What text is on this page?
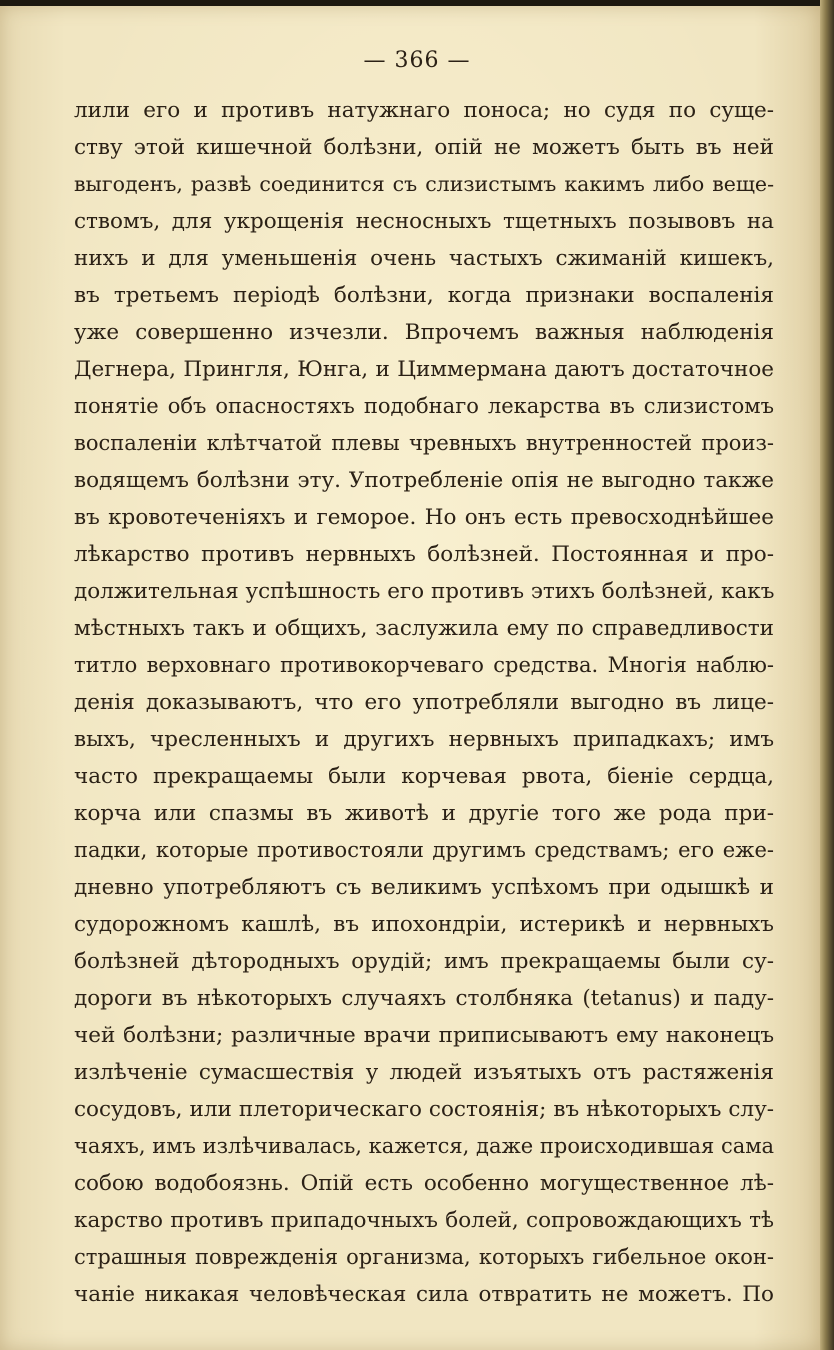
— 366 —
лили его и противъ натужнаго поноса; но судя по суще-
ству этой кишечной болѣзни, опій не можетъ быть въ ней
выгоденъ, развѣ соединится съ слизистымъ какимъ либо веще-
ствомъ, для укрощенія несносныхъ тщетныхъ позывовъ на
нихъ и для уменьшенія очень частыхъ сжиманій кишекъ,
въ третьемъ періодѣ болѣзни, когда признаки воспаленія
уже совершенно изчезли. Впрочемъ важныя наблюденія
Дегнера, Прингля, Юнга, и Циммермана даютъ достаточное
понятіе объ опасностяхъ подобнаго лекарства въ слизистомъ
воспаленіи клѣтчатой плевы чревныхъ внутренностей произ-
водящемъ болѣзни эту. Употребленіе опія не выгодно также
въ кровотеченіяхъ и геморое. Но онъ есть превосходнѣйшее
лѣкарство противъ нервныхъ болѣзней. Постоянная и про-
должительная успѣшность его противъ этихъ болѣзней, какъ
мѣстныхъ такъ и общихъ, заслужила ему по справедливости
титло верховнаго противокорчеваго средства. Многія наблю-
денія доказываютъ, что его употребляли выгодно въ лице-
выхъ, чресленныхъ и другихъ нервныхъ припадкахъ; имъ
часто прекращаемы были корчевая рвота, біеніе сердца,
корча или спазмы въ животѣ и другіе того же рода при-
падки, которые противостояли другимъ средствамъ; его еже-
дневно употребляютъ съ великимъ успѣхомъ при одышкѣ и
судорожномъ кашлѣ, въ ипохондріи, истерикѣ и нервныхъ
болѣзней дѣторoдныхъ орудій; имъ прекращаемы были су-
дороги въ нѣкоторыхъ случаяхъ столбняка (tetanus) и паду-
чей болѣзни; различные врачи приписываютъ ему наконецъ
излѣченіе сумасшествія у людей изъятыхъ отъ растяженія
сосудовъ, или плеторическаго состоянія; въ нѣкоторыхъ слу-
чаяхъ, имъ излѣчивалась, кажется, даже происходившая сама
собою водобоязнь. Опій есть особенно могущественное лѣ-
карство противъ припадочныхъ болей, сопровождающихъ тѣ
страшныя поврежденія организма, которыхъ гибельное окон-
чаніе никакая человѣческая сила отвратить не можетъ. По
